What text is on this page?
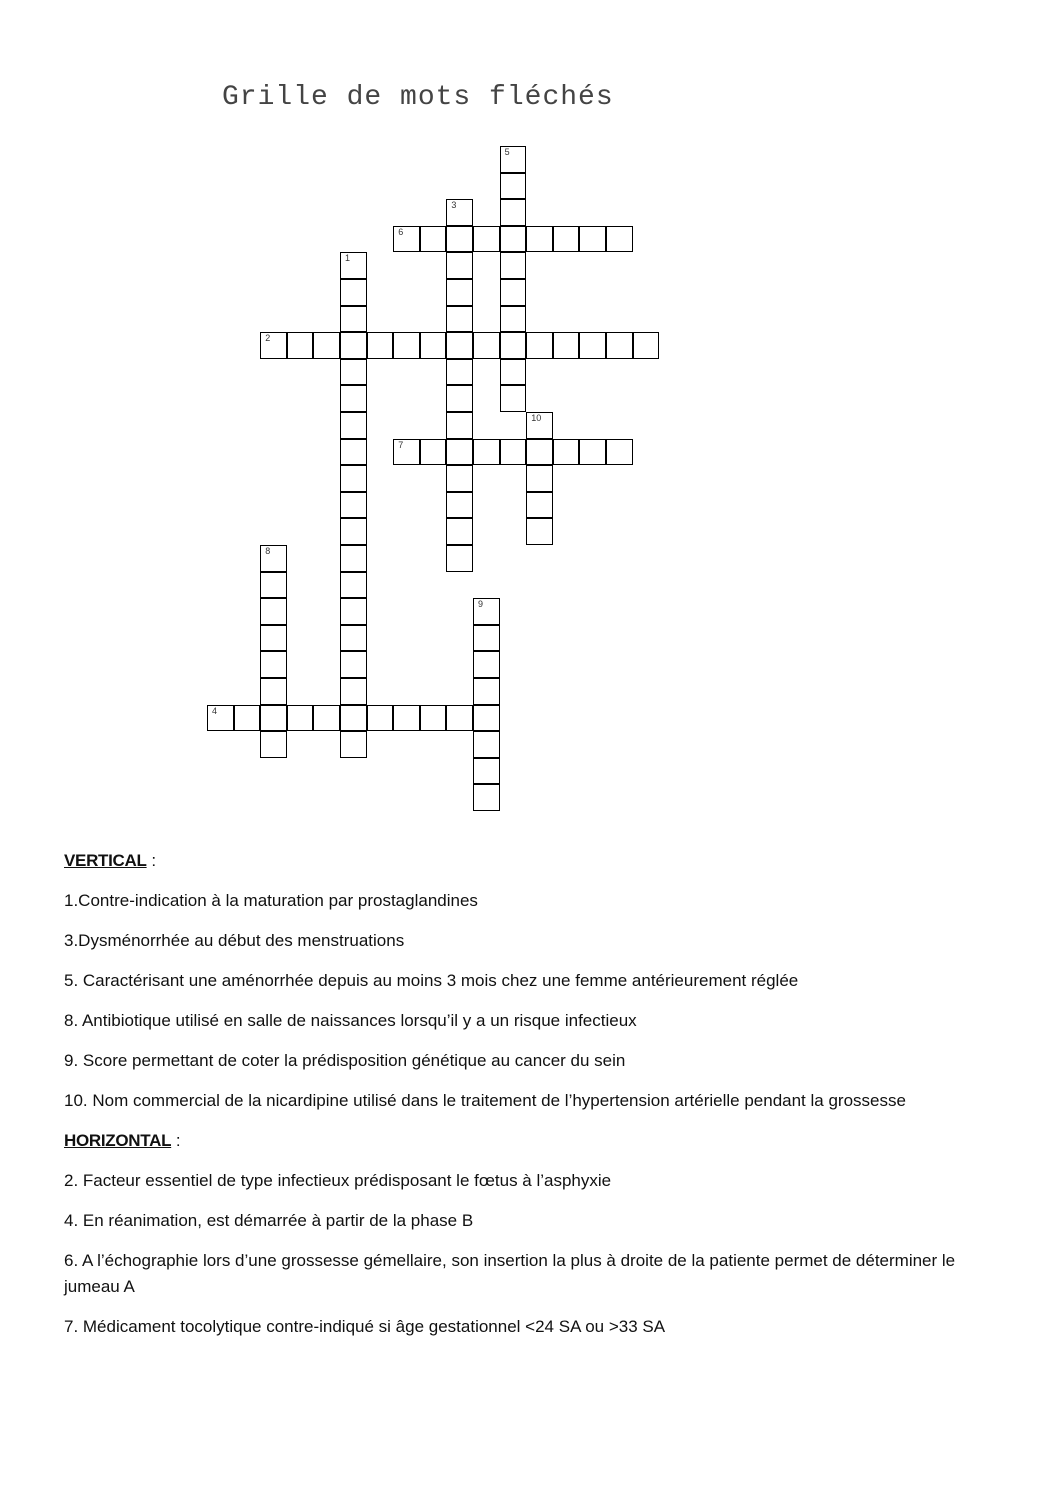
Grille de mots fléchés
1
2
3
4
5
6
7
8
9
10

VERTICAL :

1.Contre-indication à la maturation par prostaglandines

3.Dysménorrhée au début des menstruations

5. Caractérisant une aménorrhée depuis au moins 3 mois chez une femme antérieurement réglée

8. Antibiotique utilisé en salle de naissances lorsqu’il y a un risque infectieux

9. Score permettant de coter la prédisposition génétique au cancer du sein

10. Nom commercial de la nicardipine utilisé dans le traitement de l’hypertension artérielle pendant la grossesse

HORIZONTAL :

2. Facteur essentiel de type infectieux prédisposant le fœtus à l’asphyxie

4. En réanimation, est démarrée à partir de la phase B

6. A l’échographie lors d’une grossesse gémellaire, son insertion la plus à droite de la patiente permet de déterminer le jumeau A

7. Médicament tocolytique contre-indiqué si âge gestationnel <24 SA ou >33 SA
